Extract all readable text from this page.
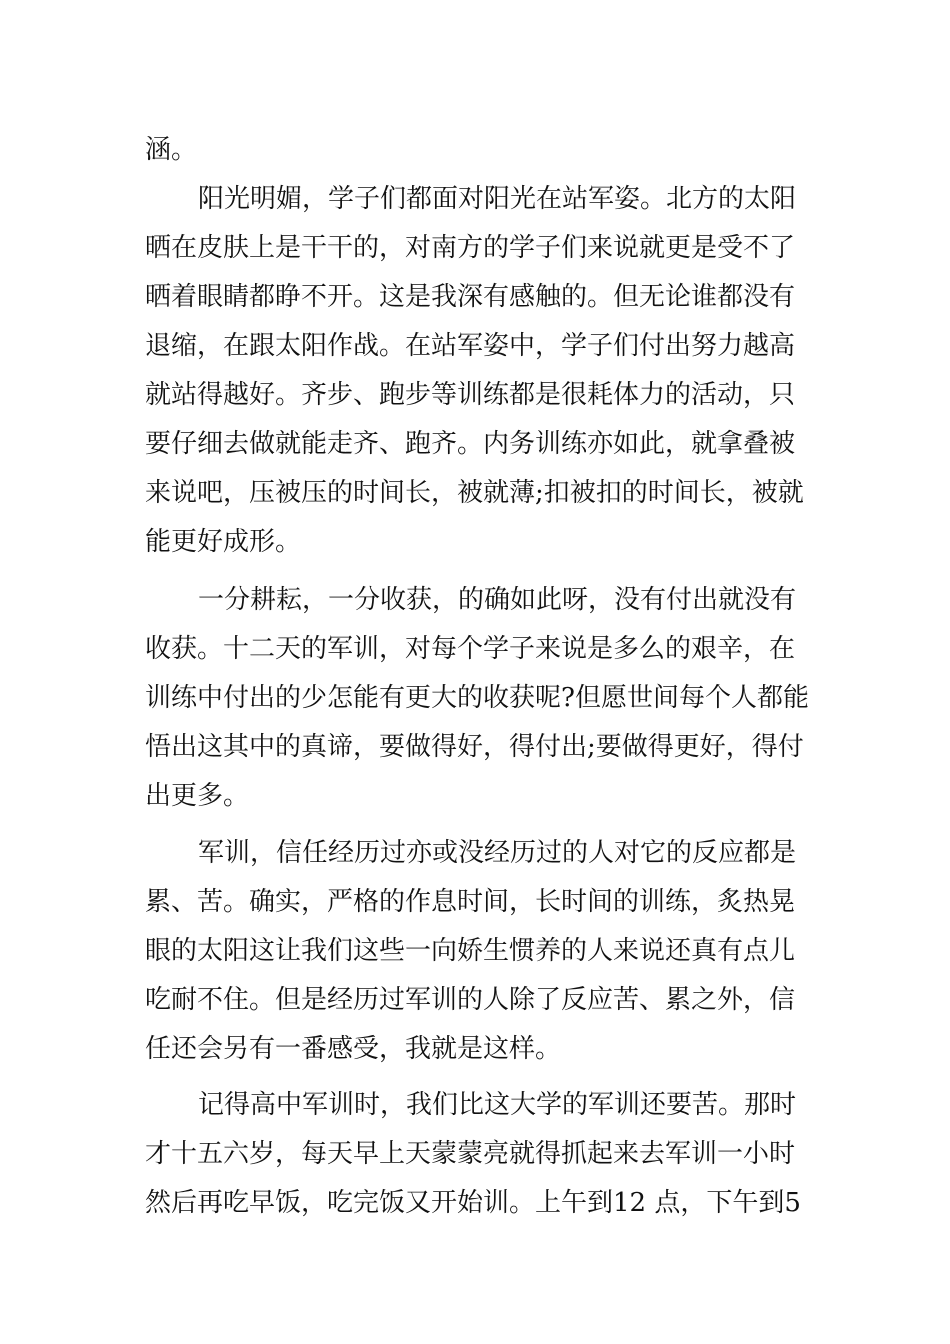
涵。
阳光明媚，学子们都面对阳光在站军姿。北方的太阳
晒在皮肤上是干干的，对南方的学子们来说就更是受不了
晒着眼睛都睁不开。这是我深有感触的。但无论谁都没有
退缩，在跟太阳作战。在站军姿中，学子们付出努力越高
就站得越好。齐步、跑步等训练都是很耗体力的活动，只
要仔细去做就能走齐、跑齐。内务训练亦如此，就拿叠被
来说吧，压被压的时间长，被就薄;扣被扣的时间长，被就
能更好成形。
一分耕耘，一分收获，的确如此呀，没有付出就没有
收获。十二天的军训，对每个学子来说是多么的艰辛，在
训练中付出的少怎能有更大的收获呢?但愿世间每个人都能
悟出这其中的真谛，要做得好，得付出;要做得更好，得付
出更多。
军训，信任经历过亦或没经历过的人对它的反应都是
累、苦。确实，严格的作息时间，长时间的训练，炙热晃
眼的太阳这让我们这些一向娇生惯养的人来说还真有点儿
吃耐不住。但是经历过军训的人除了反应苦、累之外，信
任还会另有一番感受，我就是这样。
记得高中军训时，我们比这大学的军训还要苦。那时
才十五六岁，每天早上天蒙蒙亮就得抓起来去军训一小时
然后再吃早饭，吃完饭又开始训。上午到12 点，下午到5
